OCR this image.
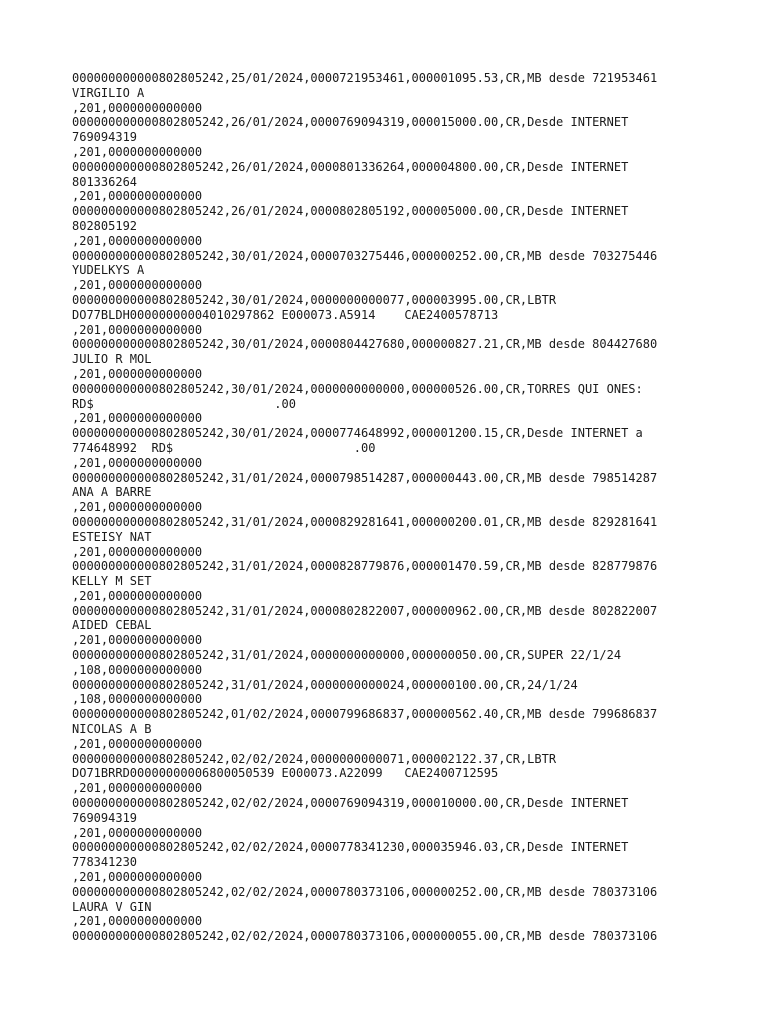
000000000000802805242,25/01/2024,0000721953461,000001095.53,CR,MB desde 721953461
VIRGILIO A
,201,0000000000000
000000000000802805242,26/01/2024,0000769094319,000015000.00,CR,Desde INTERNET
769094319
,201,0000000000000
000000000000802805242,26/01/2024,0000801336264,000004800.00,CR,Desde INTERNET
801336264
,201,0000000000000
000000000000802805242,26/01/2024,0000802805192,000005000.00,CR,Desde INTERNET
802805192
,201,0000000000000
000000000000802805242,30/01/2024,0000703275446,000000252.00,CR,MB desde 703275446
YUDELKYS A
,201,0000000000000
000000000000802805242,30/01/2024,0000000000077,000003995.00,CR,LBTR
DO77BLDH00000000004010297862 E000073.A5914    CAE2400578713
,201,0000000000000
000000000000802805242,30/01/2024,0000804427680,000000827.21,CR,MB desde 804427680
JULIO R MOL
,201,0000000000000
000000000000802805242,30/01/2024,0000000000000,000000526.00,CR,TORRES QUI ONES:
RD$                         .00
,201,0000000000000
000000000000802805242,30/01/2024,0000774648992,000001200.15,CR,Desde INTERNET a
774648992  RD$                         .00
,201,0000000000000
000000000000802805242,31/01/2024,0000798514287,000000443.00,CR,MB desde 798514287
ANA A BARRE
,201,0000000000000
000000000000802805242,31/01/2024,0000829281641,000000200.01,CR,MB desde 829281641
ESTEISY NAT
,201,0000000000000
000000000000802805242,31/01/2024,0000828779876,000001470.59,CR,MB desde 828779876
KELLY M SET
,201,0000000000000
000000000000802805242,31/01/2024,0000802822007,000000962.00,CR,MB desde 802822007
AIDED CEBAL
,201,0000000000000
000000000000802805242,31/01/2024,0000000000000,000000050.00,CR,SUPER 22/1/24
,108,0000000000000
000000000000802805242,31/01/2024,0000000000024,000000100.00,CR,24/1/24
,108,0000000000000
000000000000802805242,01/02/2024,0000799686837,000000562.40,CR,MB desde 799686837
NICOLAS A B
,201,0000000000000
000000000000802805242,02/02/2024,0000000000071,000002122.37,CR,LBTR
DO71BRRD00000000006800050539 E000073.A22099   CAE2400712595
,201,0000000000000
000000000000802805242,02/02/2024,0000769094319,000010000.00,CR,Desde INTERNET
769094319
,201,0000000000000
000000000000802805242,02/02/2024,0000778341230,000035946.03,CR,Desde INTERNET
778341230
,201,0000000000000
000000000000802805242,02/02/2024,0000780373106,000000252.00,CR,MB desde 780373106
LAURA V GIN
,201,0000000000000
000000000000802805242,02/02/2024,0000780373106,000000055.00,CR,MB desde 780373106
